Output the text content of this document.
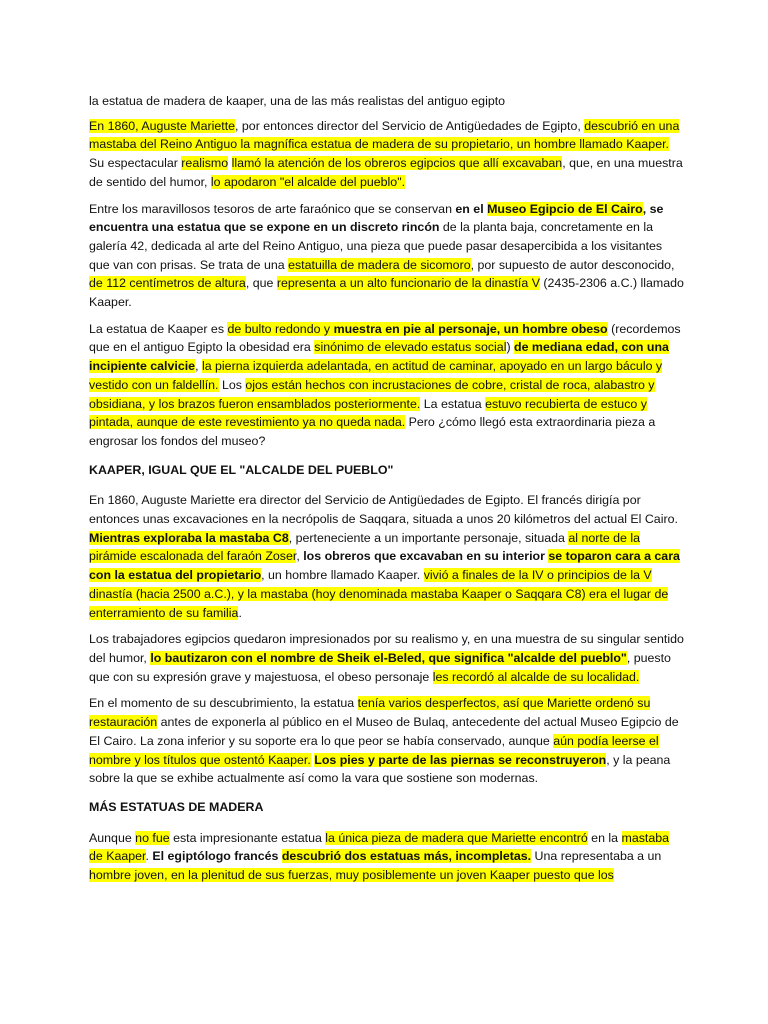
la estatua de madera de kaaper, una de las más realistas del antiguo egipto

En 1860, Auguste Mariette, por entonces director del Servicio de Antigüedades de Egipto, descubrió en una mastaba del Reino Antiguo la magnífica estatua de madera de su propietario, un hombre llamado Kaaper. Su espectacular realismo llamó la atención de los obreros egipcios que allí excavaban, que, en una muestra de sentido del humor, lo apodaron "el alcalde del pueblo".

Entre los maravillosos tesoros de arte faraónico que se conservan en el Museo Egipcio de El Cairo, se encuentra una estatua que se expone en un discreto rincón de la planta baja, concretamente en la galería 42, dedicada al arte del Reino Antiguo, una pieza que puede pasar desapercibida a los visitantes que van con prisas. Se trata de una estatuilla de madera de sicomoro, por supuesto de autor desconocido, de 112 centímetros de altura, que representa a un alto funcionario de la dinastía V (2435-2306 a.C.) llamado Kaaper.

La estatua de Kaaper es de bulto redondo y muestra en pie al personaje, un hombre obeso (recordemos que en el antiguo Egipto la obesidad era sinónimo de elevado estatus social) de mediana edad, con una incipiente calvicie, la pierna izquierda adelantada, en actitud de caminar, apoyado en un largo báculo y vestido con un faldellín. Los ojos están hechos con incrustaciones de cobre, cristal de roca, alabastro y obsidiana, y los brazos fueron ensamblados posteriormente. La estatua estuvo recubierta de estuco y pintada, aunque de este revestimiento ya no queda nada. Pero ¿cómo llegó esta extraordinaria pieza a engrosar los fondos del museo?

KAAPER, IGUAL QUE EL "ALCALDE DEL PUEBLO"

En 1860, Auguste Mariette era director del Servicio de Antigüedades de Egipto. El francés dirigía por entonces unas excavaciones en la necrópolis de Saqqara, situada a unos 20 kilómetros del actual El Cairo. Mientras exploraba la mastaba C8, perteneciente a un importante personaje, situada al norte de la pirámide escalonada del faraón Zoser, los obreros que excavaban en su interior se toparon cara a cara con la estatua del propietario, un hombre llamado Kaaper. vivió a finales de la IV o principios de la V dinastía (hacia 2500 a.C.), y la mastaba (hoy denominada mastaba Kaaper o Saqqara C8) era el lugar de enterramiento de su familia.

Los trabajadores egipcios quedaron impresionados por su realismo y, en una muestra de su singular sentido del humor, lo bautizaron con el nombre de Sheik el-Beled, que significa "alcalde del pueblo", puesto que con su expresión grave y majestuosa, el obeso personaje les recordó al alcalde de su localidad.

En el momento de su descubrimiento, la estatua tenía varios desperfectos, así que Mariette ordenó su restauración antes de exponerla al público en el Museo de Bulaq, antecedente del actual Museo Egipcio de El Cairo. La zona inferior y su soporte era lo que peor se había conservado, aunque aún podía leerse el nombre y los títulos que ostentó Kaaper. Los pies y parte de las piernas se reconstruyeron, y la peana sobre la que se exhibe actualmente así como la vara que sostiene son modernas.

MÁS ESTATUAS DE MADERA

Aunque no fue esta impresionante estatua la única pieza de madera que Mariette encontró en la mastaba de Kaaper. El egiptólogo francés descubrió dos estatuas más, incompletas. Una representaba a un hombre joven, en la plenitud de sus fuerzas, muy posiblemente un joven Kaaper puesto que los
